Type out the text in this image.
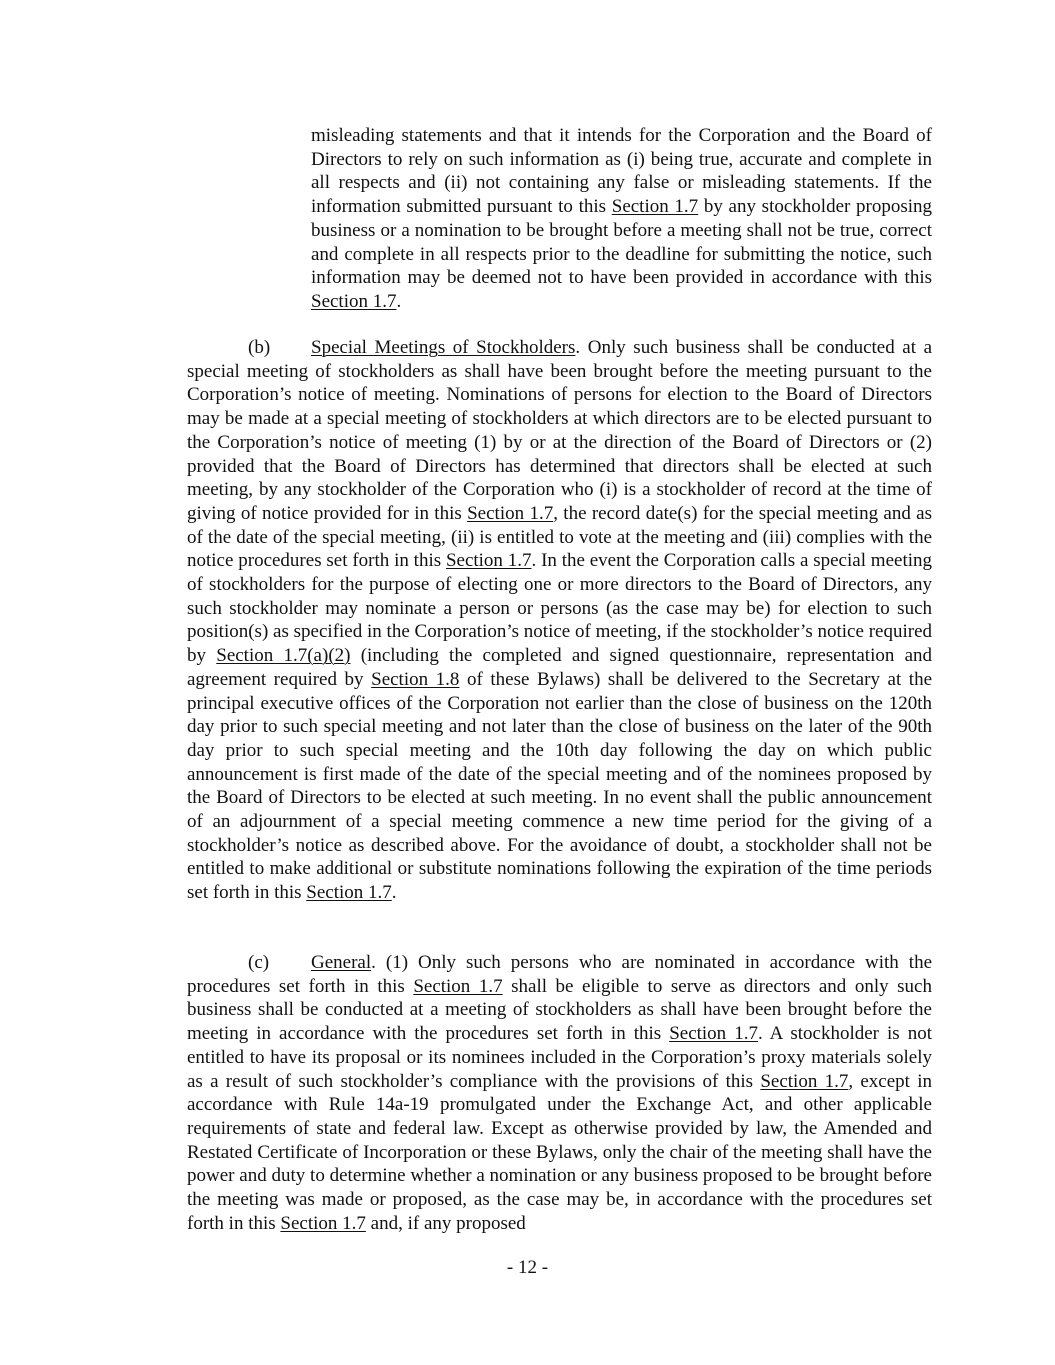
misleading statements and that it intends for the Corporation and the Board of Directors to rely on such information as (i) being true, accurate and complete in all respects and (ii) not containing any false or misleading statements. If the information submitted pursuant to this Section 1.7 by any stockholder proposing business or a nomination to be brought before a meeting shall not be true, correct and complete in all respects prior to the deadline for submitting the notice, such information may be deemed not to have been provided in accordance with this Section 1.7.

(b) Special Meetings of Stockholders. Only such business shall be conducted at a special meeting of stockholders as shall have been brought before the meeting pursuant to the Corporation’s notice of meeting. Nominations of persons for election to the Board of Directors may be made at a special meeting of stockholders at which directors are to be elected pursuant to the Corporation’s notice of meeting (1) by or at the direction of the Board of Directors or (2) provided that the Board of Directors has determined that directors shall be elected at such meeting, by any stockholder of the Corporation who (i) is a stockholder of record at the time of giving of notice provided for in this Section 1.7, the record date(s) for the special meeting and as of the date of the special meeting, (ii) is entitled to vote at the meeting and (iii) complies with the notice procedures set forth in this Section 1.7. In the event the Corporation calls a special meeting of stockholders for the purpose of electing one or more directors to the Board of Directors, any such stockholder may nominate a person or persons (as the case may be) for election to such position(s) as specified in the Corporation’s notice of meeting, if the stockholder’s notice required by Section 1.7(a)(2) (including the completed and signed questionnaire, representation and agreement required by Section 1.8 of these Bylaws) shall be delivered to the Secretary at the principal executive offices of the Corporation not earlier than the close of business on the 120th day prior to such special meeting and not later than the close of business on the later of the 90th day prior to such special meeting and the 10th day following the day on which public announcement is first made of the date of the special meeting and of the nominees proposed by the Board of Directors to be elected at such meeting. In no event shall the public announcement of an adjournment of a special meeting commence a new time period for the giving of a stockholder’s notice as described above. For the avoidance of doubt, a stockholder shall not be entitled to make additional or substitute nominations following the expiration of the time periods set forth in this Section 1.7.

(c) General. (1) Only such persons who are nominated in accordance with the procedures set forth in this Section 1.7 shall be eligible to serve as directors and only such business shall be conducted at a meeting of stockholders as shall have been brought before the meeting in accordance with the procedures set forth in this Section 1.7. A stockholder is not entitled to have its proposal or its nominees included in the Corporation’s proxy materials solely as a result of such stockholder’s compliance with the provisions of this Section 1.7, except in accordance with Rule 14a-19 promulgated under the Exchange Act, and other applicable requirements of state and federal law. Except as otherwise provided by law, the Amended and Restated Certificate of Incorporation or these Bylaws, only the chair of the meeting shall have the power and duty to determine whether a nomination or any business proposed to be brought before the meeting was made or proposed, as the case may be, in accordance with the procedures set forth in this Section 1.7 and, if any proposed

- 12 -
